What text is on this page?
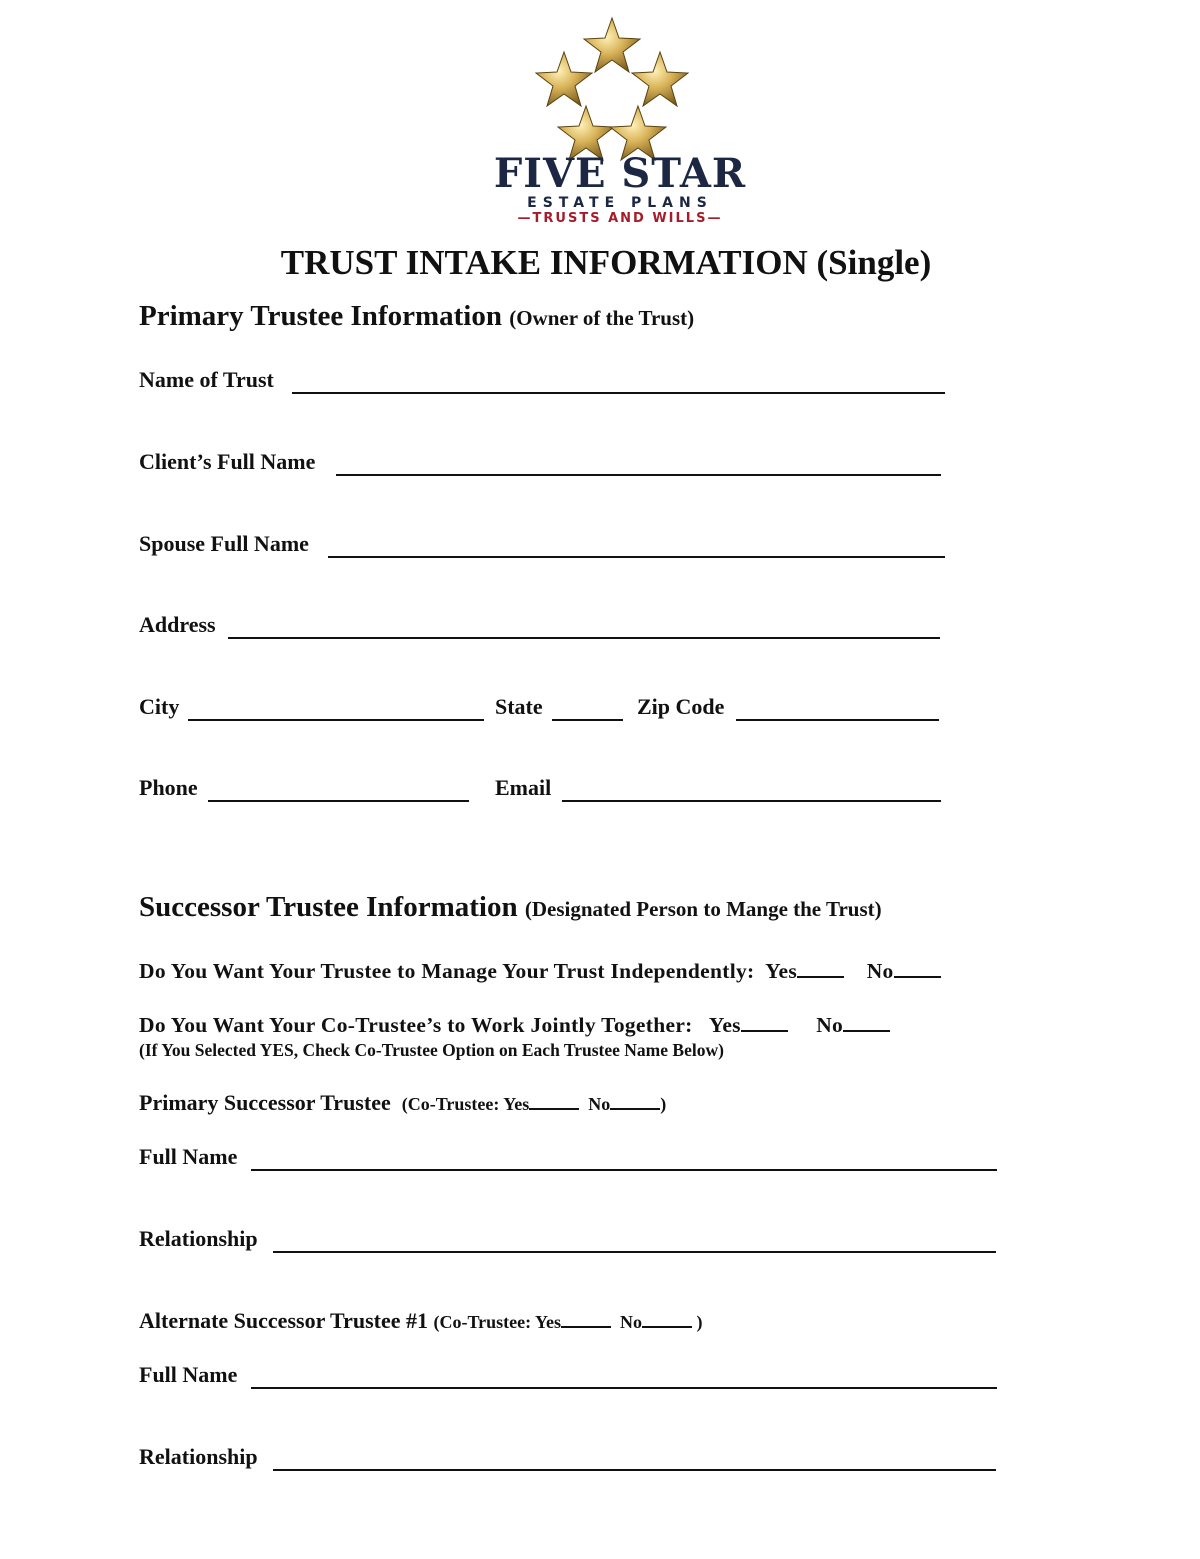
FIVE STAR
ESTATE PLANS
—TRUSTS AND WILLS—
TRUST INTAKE INFORMATION (Single)
Primary Trustee Information (Owner of the Trust)
Name of Trust
Client’s Full Name
Spouse Full Name
Address
City	State	Zip Code
Phone	Email
Successor Trustee Information (Designated Person to Mange the Trust)
Do You Want Your Trustee to Manage Your Trust Independently: Yes	No
Do You Want Your Co-Trustee’s to Work Jointly Together: Yes	No
(If You Selected YES, Check Co-Trustee Option on Each Trustee Name Below)
Primary Successor Trustee (Co-Trustee: Yes	No	)
Full Name
Relationship
Alternate Successor Trustee #1 (Co-Trustee: Yes	No	)
Full Name
Relationship
